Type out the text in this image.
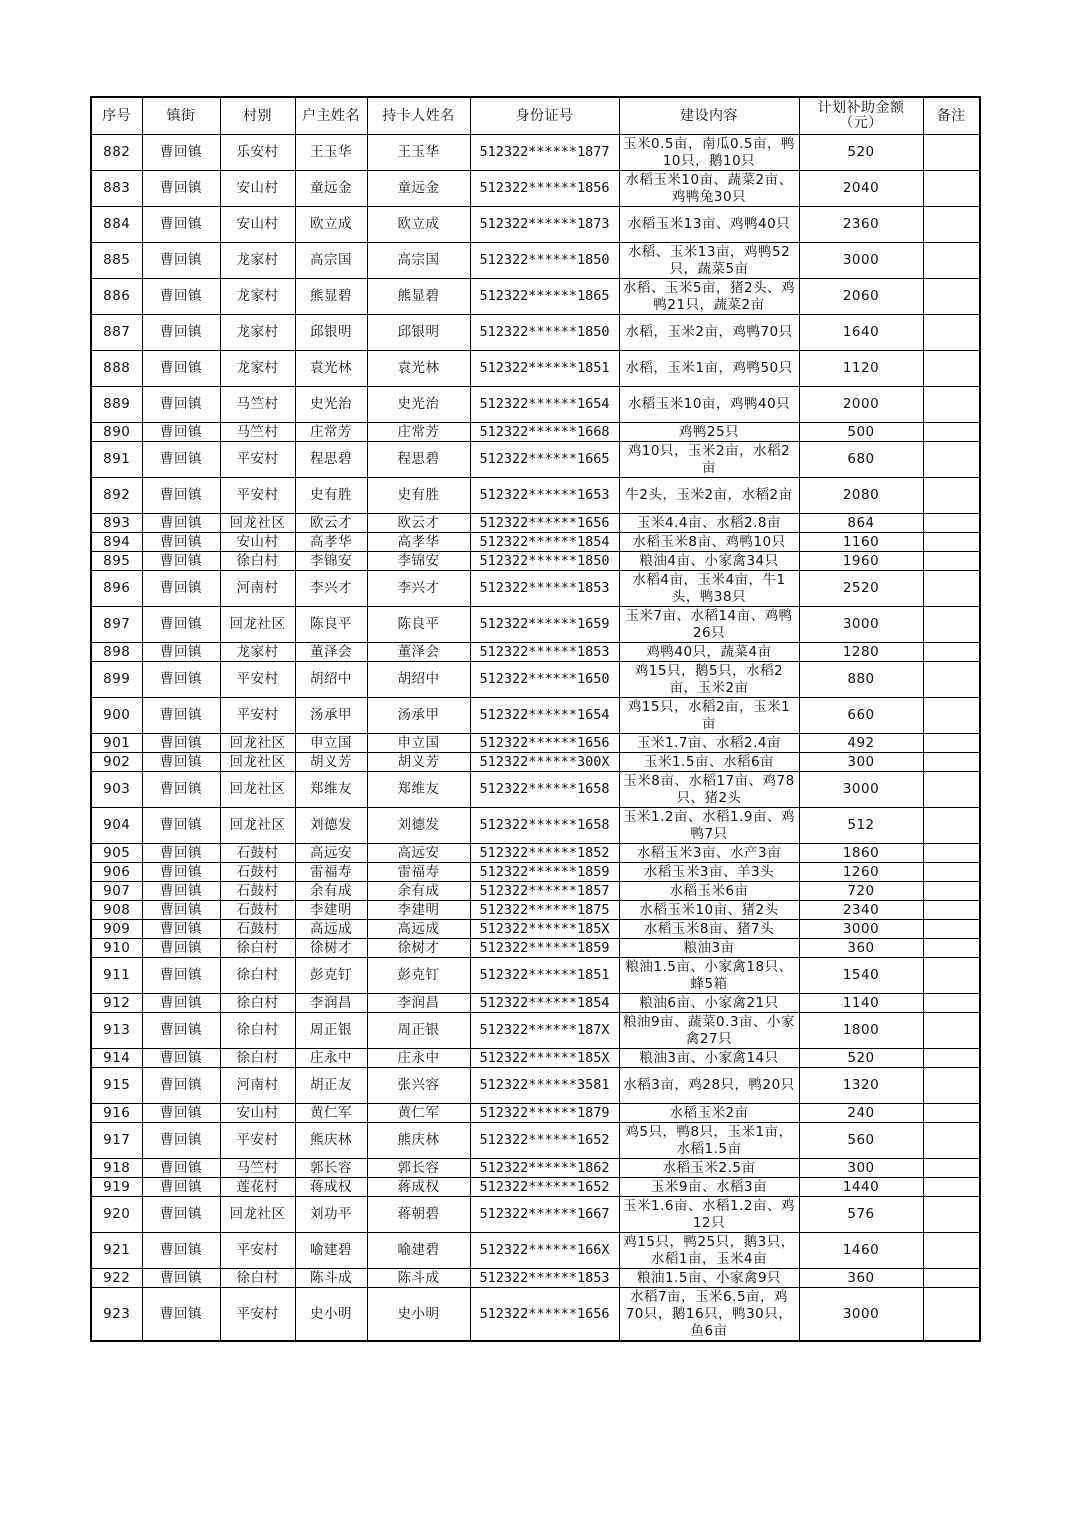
序号	镇街	村别	户主姓名	持卡人姓名	身份证号	建设内容	计划补助金额（元）	备注
882	曹回镇	乐安村	王玉华	王玉华	512322******1877	玉米0.5亩，南瓜0.5亩，鸭10只，鹅10只	520	
883	曹回镇	安山村	童远金	童远金	512322******1856	水稻玉米10亩、蔬菜2亩、鸡鸭兔30只	2040	
884	曹回镇	安山村	欧立成	欧立成	512322******1873	水稻玉米13亩、鸡鸭40只	2360	
885	曹回镇	龙家村	高宗国	高宗国	512322******1850	水稻、玉米13亩，鸡鸭52只，蔬菜5亩	3000	
886	曹回镇	龙家村	熊显碧	熊显碧	512322******1865	水稻、玉米5亩，猪2头、鸡鸭21只，蔬菜2亩	2060	
887	曹回镇	龙家村	邱银明	邱银明	512322******1850	水稻，玉米2亩，鸡鸭70只	1640	
888	曹回镇	龙家村	袁光林	袁光林	512322******1851	水稻，玉米1亩，鸡鸭50只	1120	
889	曹回镇	马竺村	史光治	史光治	512322******1654	水稻玉米10亩，鸡鸭40只	2000	
890	曹回镇	马竺村	庄常芳	庄常芳	512322******1668	鸡鸭25只	500	
891	曹回镇	平安村	程思碧	程思碧	512322******1665	鸡10只，玉米2亩，水稻2亩	680	
892	曹回镇	平安村	史有胜	史有胜	512322******1653	牛2头，玉米2亩，水稻2亩	2080	
893	曹回镇	回龙社区	欧云才	欧云才	512322******1656	玉米4.4亩、水稻2.8亩	864	
894	曹回镇	安山村	高孝华	高孝华	512322******1854	水稻玉米8亩、鸡鸭10只	1160	
895	曹回镇	徐白村	李锦安	李锦安	512322******1850	粮油4亩、小家禽34只	1960	
896	曹回镇	河南村	李兴才	李兴才	512322******1853	水稻4亩，玉米4亩，牛1头，鸭38只	2520	
897	曹回镇	回龙社区	陈良平	陈良平	512322******1659	玉米7亩、水稻14亩、鸡鸭26只	3000	
898	曹回镇	龙家村	董泽会	董泽会	512322******1853	鸡鸭40只，蔬菜4亩	1280	
899	曹回镇	平安村	胡绍中	胡绍中	512322******1650	鸡15只，鹅5只，水稻2亩，玉米2亩	880	
900	曹回镇	平安村	汤承甲	汤承甲	512322******1654	鸡15只，水稻2亩，玉米1亩	660	
901	曹回镇	回龙社区	申立国	申立国	512322******1656	玉米1.7亩、水稻2.4亩	492	
902	曹回镇	回龙社区	胡义芳	胡义芳	512322******300X	玉米1.5亩、水稻6亩	300	
903	曹回镇	回龙社区	郑维友	郑维友	512322******1658	玉米8亩、水稻17亩、鸡78只、猪2头	3000	
904	曹回镇	回龙社区	刘德发	刘德发	512322******1658	玉米1.2亩、水稻1.9亩、鸡鸭7只	512	
905	曹回镇	石鼓村	高远安	高远安	512322******1852	水稻玉米3亩、水产3亩	1860	
906	曹回镇	石鼓村	雷福寿	雷福寿	512322******1859	水稻玉米3亩、羊3头	1260	
907	曹回镇	石鼓村	余有成	余有成	512322******1857	水稻玉米6亩	720	
908	曹回镇	石鼓村	李建明	李建明	512322******1875	水稻玉米10亩、猪2头	2340	
909	曹回镇	石鼓村	高远成	高远成	512322******185X	水稻玉米8亩、猪7头	3000	
910	曹回镇	徐白村	徐树才	徐树才	512322******1859	粮油3亩	360	
911	曹回镇	徐白村	彭克钉	彭克钉	512322******1851	粮油1.5亩、小家禽18只、蜂5箱	1540	
912	曹回镇	徐白村	李润昌	李润昌	512322******1854	粮油6亩、小家禽21只	1140	
913	曹回镇	徐白村	周正银	周正银	512322******187X	粮油9亩、蔬菜0.3亩、小家禽27只	1800	
914	曹回镇	徐白村	庄永中	庄永中	512322******185X	粮油3亩、小家禽14只	520	
915	曹回镇	河南村	胡正友	张兴容	512322******3581	水稻3亩，鸡28只，鸭20只	1320	
916	曹回镇	安山村	黄仁军	黄仁军	512322******1879	水稻玉米2亩	240	
917	曹回镇	平安村	熊庆林	熊庆林	512322******1652	鸡5只，鸭8只，玉米1亩，水稻1.5亩	560	
918	曹回镇	马竺村	郭长容	郭长容	512322******1862	水稻玉米2.5亩	300	
919	曹回镇	莲花村	蒋成权	蒋成权	512322******1652	玉米9亩、水稻3亩	1440	
920	曹回镇	回龙社区	刘功平	蒋朝碧	512322******1667	玉米1.6亩、水稻1.2亩、鸡12只	576	
921	曹回镇	平安村	喻建碧	喻建碧	512322******166X	鸡15只，鸭25只，鹅3只，水稻1亩，玉米4亩	1460	
922	曹回镇	徐白村	陈斗成	陈斗成	512322******1853	粮油1.5亩、小家禽9只	360	
923	曹回镇	平安村	史小明	史小明	512322******1656	水稻7亩，玉米6.5亩，鸡70只，鹅16只，鸭30只，鱼6亩	3000	
